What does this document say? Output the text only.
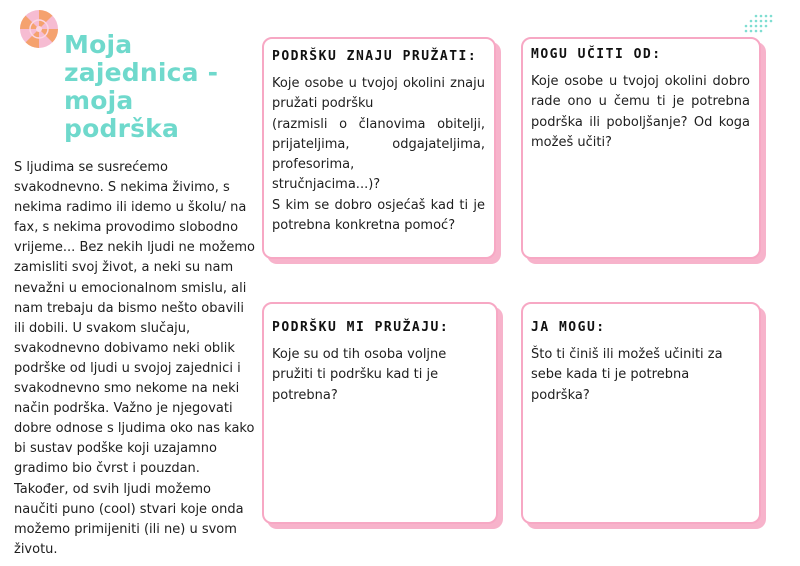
Moja
zajednica -
moja
podrška
S ljudima se susrećemo
svakodnevno. S nekima živimo, s
nekima radimo ili idemo u školu/ na
fax, s nekima provodimo slobodno
vrijeme... Bez nekih ljudi ne možemo
zamisliti svoj život, a neki su nam
nevažni u emocionalnom smislu, ali
nam trebaju da bismo nešto obavili
ili dobili. U svakom slučaju,
svakodnevno dobivamo neki oblik
podrške od ljudi u svojoj zajednici i
svakodnevno smo nekome na neki
način podrška. Važno je njegovati
dobre odnose s ljudima oko nas kako
bi sustav podške koji uzajamno
gradimo bio čvrst i pouzdan.
Također, od svih ljudi možemo
naučiti puno (cool) stvari koje onda
možemo primijeniti (ili ne) u svom
životu.
PODRŠKU ZNAJU PRUŽATI:

Koje osobe u tvojoj okolini znaju pružati podršku

(razmisli o članovima obitelji, prijateljima, odgajateljima, profesorima,

stručnjacima...)?

S kim se dobro osjećaš kad ti je potrebna konkretna pomoć?

MOGU UČITI OD:

Koje osobe u tvojoj okolini dobro rade ono u čemu ti je potrebna podrška ili poboljšanje? Od koga možeš učiti?

PODRŠKU MI PRUŽAJU:

Koje su od tih osoba voljne pružiti ti podršku kad ti je potrebna?

JA MOGU:

Što ti činiš ili možeš učiniti za sebe kada ti je potrebna podrška?
